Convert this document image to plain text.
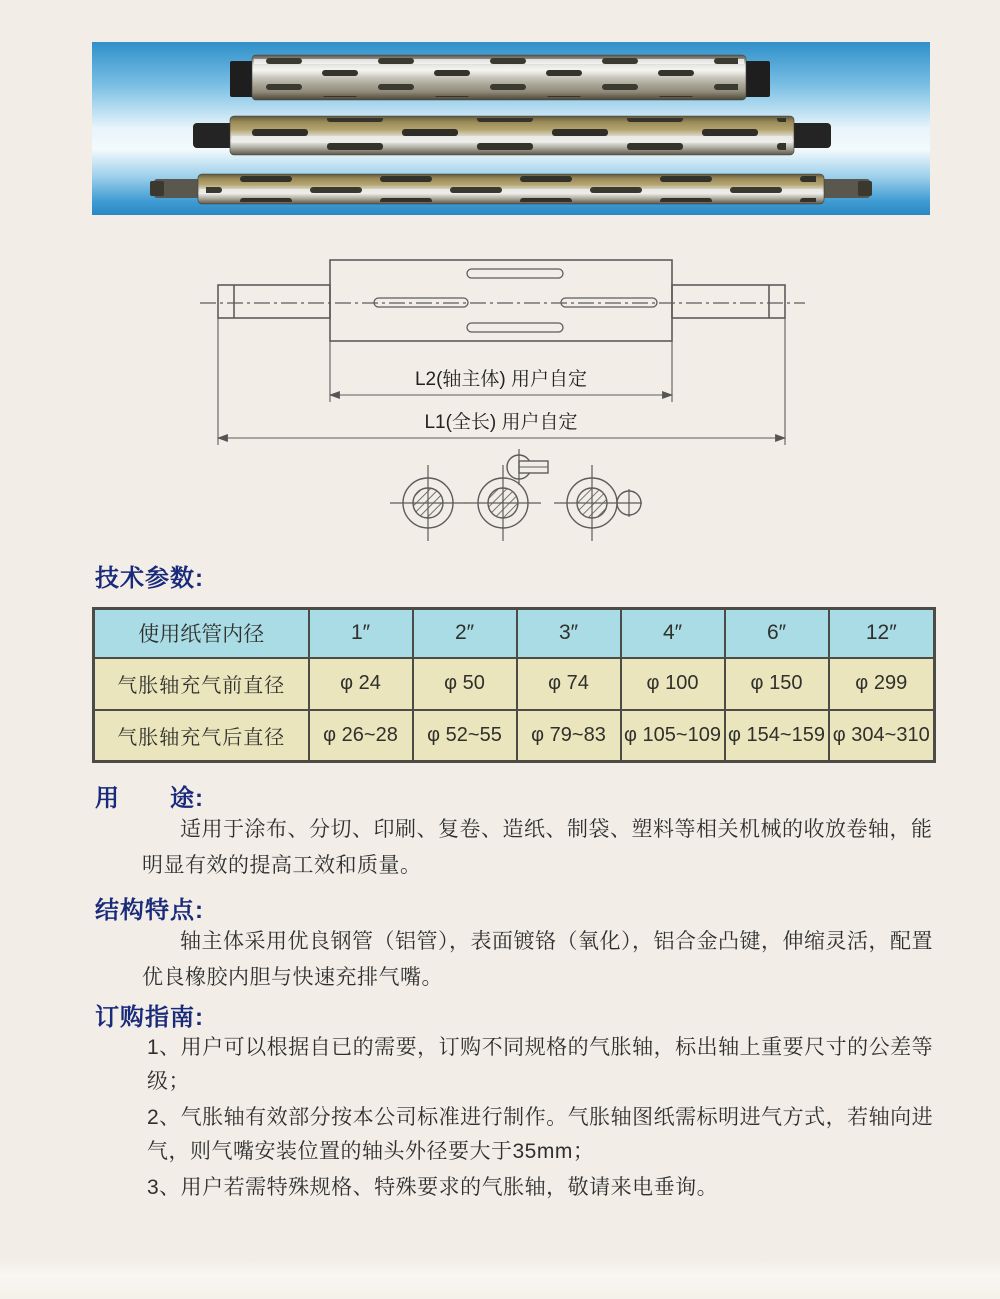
L2(轴主体) 用户自定
L1(全长) 用户自定
技术参数:
使用纸管内径	1″	2″	3″	4″	6″	12″
气胀轴充气前直径	φ 24	φ 50	φ 74	φ 100	φ 150	φ 299
气胀轴充气后直径	φ 26~28	φ 52~55	φ 79~83	φ 105~109	φ 154~159	φ 304~310
用　　途:

适用于涂布、分切、印刷、复卷、造纸、制袋、塑料等相关机械的收放卷轴，能明显有效的提高工效和质量。

结构特点:

轴主体采用优良钢管（铝管），表面镀铬（氧化），铝合金凸键，伸缩灵活，配置优良橡胶内胆与快速充排气嘴。

订购指南:

1、用户可以根据自已的需要，订购不同规格的气胀轴，标出轴上重要尺寸的公差等级；

2、气胀轴有效部分按本公司标准进行制作。气胀轴图纸需标明进气方式，若轴向进气，则气嘴安装位置的轴头外径要大于35mm；

3、用户若需特殊规格、特殊要求的气胀轴，敬请来电垂询。
